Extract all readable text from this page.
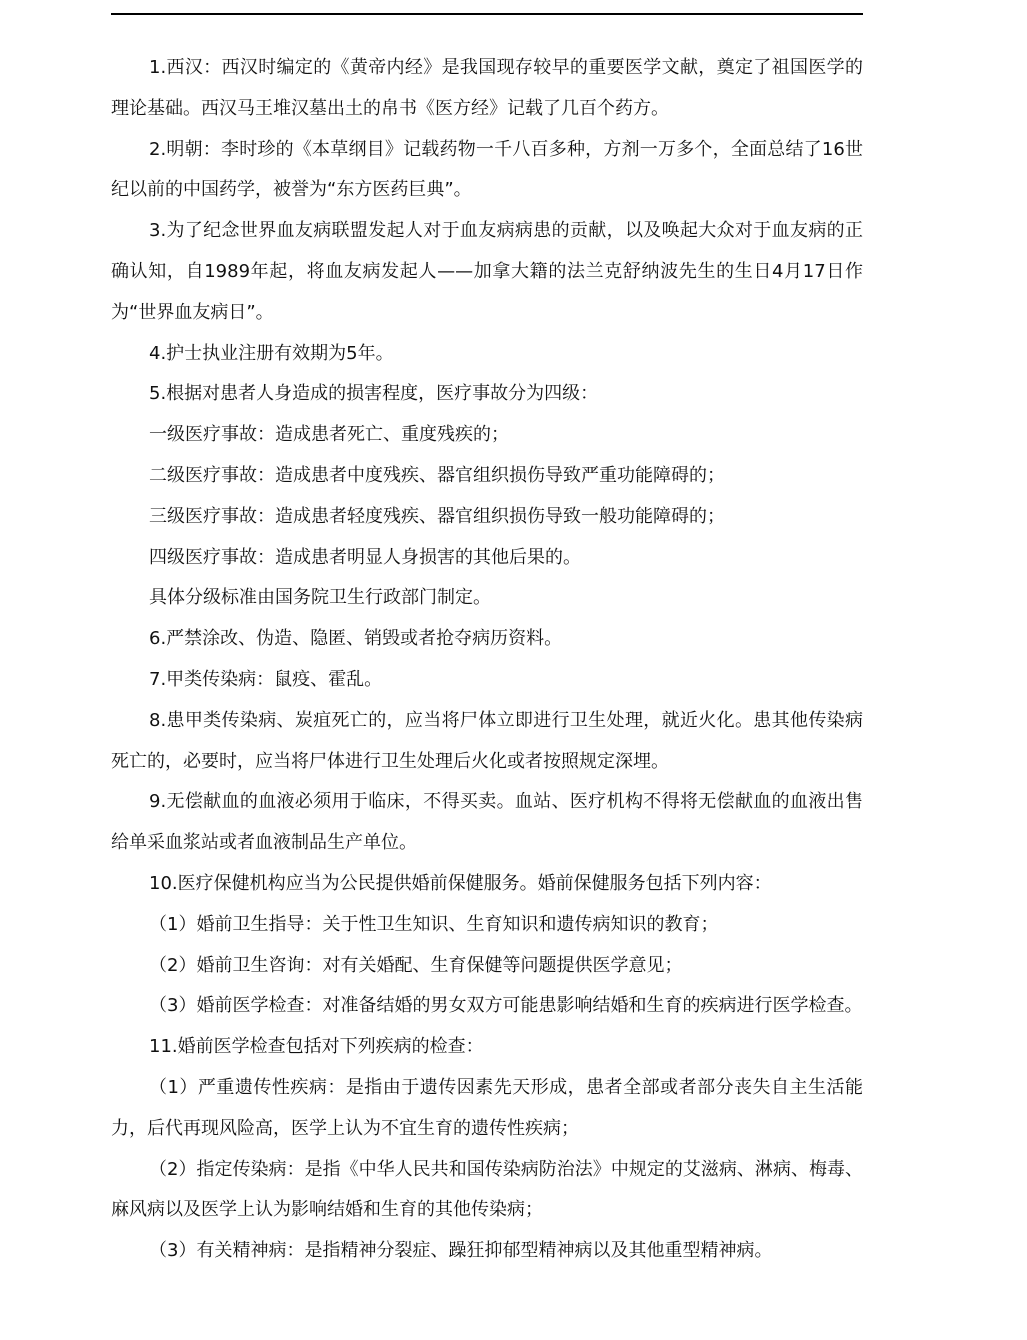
1.西汉：西汉时编定的《黄帝内经》是我国现存较早的重要医学文献，奠定了祖国医学的理论基础。西汉马王堆汉墓出土的帛书《医方经》记载了几百个药方。

2.明朝：李时珍的《本草纲目》记载药物一千八百多种，方剂一万多个，全面总结了16世纪以前的中国药学，被誉为“东方医药巨典”。

3.为了纪念世界血友病联盟发起人对于血友病病患的贡献，以及唤起大众对于血友病的正确认知，自1989年起，将血友病发起人——加拿大籍的法兰克舒纳波先生的生日4月17日作为“世界血友病日”。

4.护士执业注册有效期为5年。

5.根据对患者人身造成的损害程度，医疗事故分为四级：

一级医疗事故：造成患者死亡、重度残疾的；

二级医疗事故：造成患者中度残疾、器官组织损伤导致严重功能障碍的；

三级医疗事故：造成患者轻度残疾、器官组织损伤导致一般功能障碍的；

四级医疗事故：造成患者明显人身损害的其他后果的。

具体分级标准由国务院卫生行政部门制定。

6.严禁涂改、伪造、隐匿、销毁或者抢夺病历资料。

7.甲类传染病：鼠疫、霍乱。

8.患甲类传染病、炭疽死亡的，应当将尸体立即进行卫生处理，就近火化。患其他传染病死亡的，必要时，应当将尸体进行卫生处理后火化或者按照规定深埋。

9.无偿献血的血液必须用于临床，不得买卖。血站、医疗机构不得将无偿献血的血液出售给单采血浆站或者血液制品生产单位。

10.医疗保健机构应当为公民提供婚前保健服务。婚前保健服务包括下列内容：

（1）婚前卫生指导：关于性卫生知识、生育知识和遗传病知识的教育；

（2）婚前卫生咨询：对有关婚配、生育保健等问题提供医学意见；

（3）婚前医学检查：对准备结婚的男女双方可能患影响结婚和生育的疾病进行医学检查。

11.婚前医学检查包括对下列疾病的检查：

（1）严重遗传性疾病：是指由于遗传因素先天形成，患者全部或者部分丧失自主生活能力，后代再现风险高，医学上认为不宜生育的遗传性疾病；

（2）指定传染病：是指《中华人民共和国传染病防治法》中规定的艾滋病、淋病、梅毒、麻风病以及医学上认为影响结婚和生育的其他传染病；

（3）有关精神病：是指精神分裂症、躁狂抑郁型精神病以及其他重型精神病。
